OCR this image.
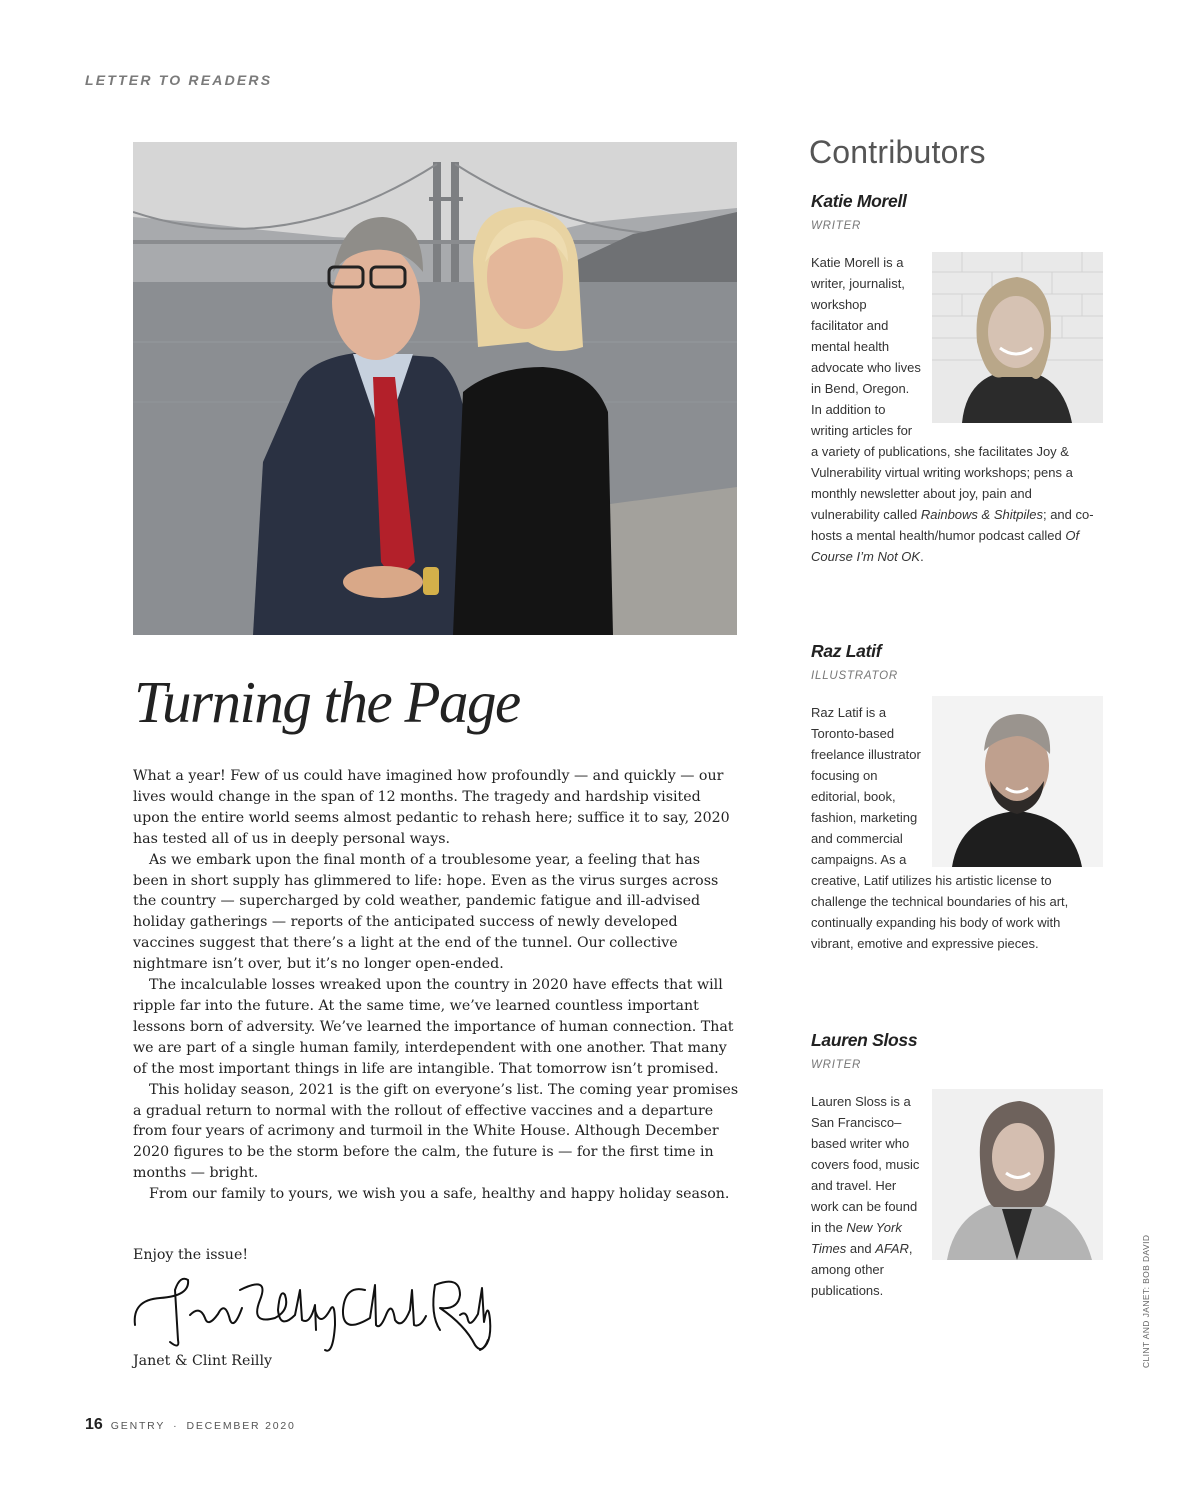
LETTER TO READERS
Turning the Page

What a year! Few of us could have imagined how profoundly — and quickly — our lives would change in the span of 12 months. The tragedy and hardship visited upon the entire world seems almost pedantic to rehash here; suffice it to say, 2020 has tested all of us in deeply personal ways.

As we embark upon the final month of a troublesome year, a feeling that has been in short supply has glimmered to life: hope. Even as the virus surges across the country — supercharged by cold weather, pandemic fatigue and ill-advised holiday gatherings — reports of the anticipated success of newly developed vaccines suggest that there’s a light at the end of the tunnel. Our collective nightmare isn’t over, but it’s no longer open-ended.

The incalculable losses wreaked upon the country in 2020 have effects that will ripple far into the future. At the same time, we’ve learned countless important lessons born of adversity. We’ve learned the importance of human connection. That we are part of a single human family, interdependent with one another. That many of the most important things in life are intangible. That tomorrow isn’t promised.

This holiday season, 2021 is the gift on everyone’s list. The coming year promises a gradual return to normal with the rollout of effective vaccines and a departure from four years of acrimony and turmoil in the White House. Although December 2020 figures to be the storm before the calm, the future is — for the first time in months — bright.

From our family to yours, we wish you a safe, healthy and happy holiday season.

Enjoy the issue!
Janet & Clint Reilly
16 GENTRY · DECEMBER 2020
Contributors
Katie Morell
WRITER
Katie Morell is a writer, journalist, workshop facilitator and mental health advocate who lives in Bend, Oregon. In addition to writing articles for a variety of publications, she facilitates Joy & Vulnerability virtual writing workshops; pens a monthly newsletter about joy, pain and vulnerability called Rainbows & Shitpiles; and co-hosts a mental health/humor podcast called Of Course I’m Not OK.
Raz Latif
ILLUSTRATOR
Raz Latif is a Toronto-based freelance illustrator focusing on editorial, book, fashion, marketing and commercial campaigns. As a creative, Latif utilizes his artistic license to challenge the technical boundaries of his art, continually expanding his body of work with vibrant, emotive and expressive pieces.
Lauren Sloss
WRITER
Lauren Sloss is a San Francisco–based writer who covers food, music and travel. Her work can be found in the New York Times and AFAR, among other publications.	CLINT AND JANET: BOB DAVID
